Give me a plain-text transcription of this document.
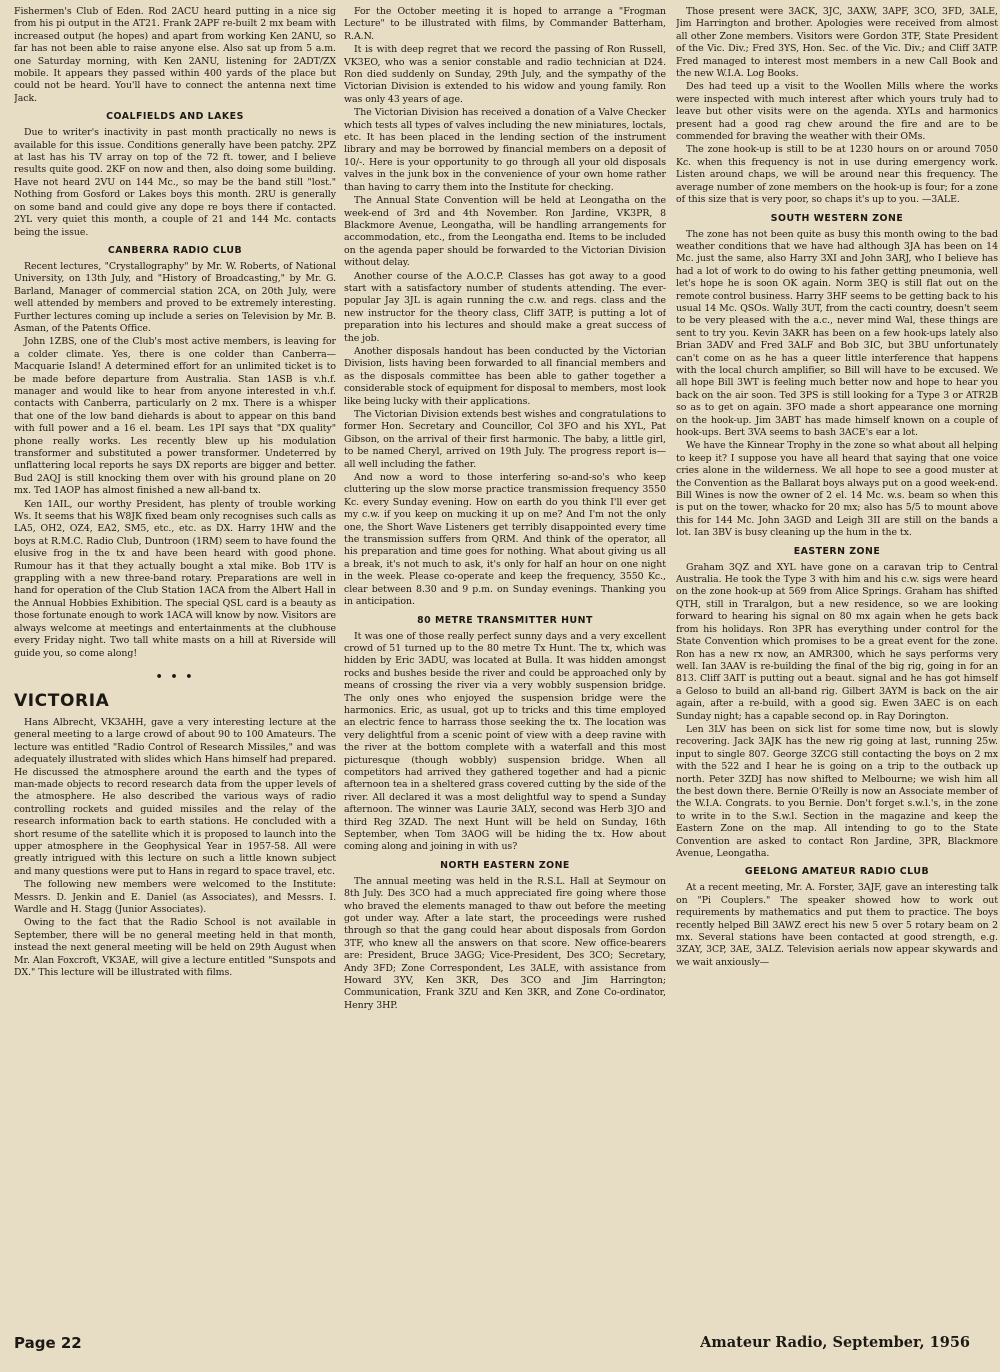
Fishermen's Club of Eden. Rod 2ACU heard putting in a nice sig from his pi output in the AT21. Frank 2APF re-built 2 mx beam with increased output (he hopes) and apart from working Ken 2ANU, so far has not been able to raise anyone else. Also sat up from 5 a.m. one Saturday morning, with Ken 2ANU, listening for 2ADT/ZX mobile. It appears they passed within 400 yards of the place but could not be heard. You'll have to connect the antenna next time Jack.

COALFIELDS AND LAKES

Due to writer's inactivity in past month practically no news is available for this issue. Conditions generally have been patchy. 2PZ at last has his TV array on top of the 72 ft. tower, and I believe results quite good. 2KF on now and then, also doing some building. Have not heard 2VU on 144 Mc., so may be the band still "lost." Nothing from Gosford or Lakes boys this month. 2RU is generally on some band and could give any dope re boys there if contacted. 2YL very quiet this month, a couple of 21 and 144 Mc. contacts being the issue.

CANBERRA RADIO CLUB

Recent lectures, "Crystallography" by Mr. W. Roberts, of National University, on 13th July, and "History of Broadcasting," by Mr. G. Barland, Manager of commercial station 2CA, on 20th July, were well attended by members and proved to be extremely interesting. Further lectures coming up include a series on Television by Mr. B. Asman, of the Patents Office.

John 1ZBS, one of the Club's most active members, is leaving for a colder climate. Yes, there is one colder than Canberra—Macquarie Island! A determined effort for an unlimited ticket is to be made before departure from Australia. Stan 1ASB is v.h.f. manager and would like to hear from anyone interested in v.h.f. contacts with Canberra, particularly on 2 mx. There is a whisper that one of the low band diehards is about to appear on this band with full power and a 16 el. beam. Les 1PI says that "DX quality" phone really works. Les recently blew up his modulation transformer and substituted a power transformer. Undeterred by unflattering local reports he says DX reports are bigger and better. Bud 2AQJ is still knocking them over with his ground plane on 20 mx. Ted 1AOP has almost finished a new all-band tx.

Ken 1AIL, our worthy President, has plenty of trouble working Ws. It seems that his W8JK fixed beam only recognises such calls as LA5, OH2, OZ4, EA2, SM5, etc., etc. as DX. Harry 1HW and the boys at R.M.C. Radio Club, Duntroon (1RM) seem to have found the elusive frog in the tx and have been heard with good phone. Rumour has it that they actually bought a xtal mike. Bob 1TV is grappling with a new three-band rotary. Preparations are well in hand for operation of the Club Station 1ACA from the Albert Hall in the Annual Hobbies Exhibition. The special QSL card is a beauty as those fortunate enough to work 1ACA will know by now. Visitors are always welcome at meetings and entertainments at the clubhouse every Friday night. Two tall white masts on a hill at Riverside will guide you, so come along!

• • •
VICTORIA

Hans Albrecht, VK3AHH, gave a very interesting lecture at the general meeting to a large crowd of about 90 to 100 Amateurs. The lecture was entitled "Radio Control of Research Missiles," and was adequately illustrated with slides which Hans himself had prepared. He discussed the atmosphere around the earth and the types of man-made objects to record research data from the upper levels of the atmosphere. He also described the various ways of radio controlling rockets and guided missiles and the relay of the research information back to earth stations. He concluded with a short resume of the satellite which it is proposed to launch into the upper atmosphere in the Geophysical Year in 1957-58. All were greatly intrigued with this lecture on such a little known subject and many questions were put to Hans in regard to space travel, etc.

The following new members were welcomed to the Institute: Messrs. D. Jenkin and E. Daniel (as Associates), and Messrs. I. Wardle and H. Stagg (Junior Associates).

Owing to the fact that the Radio School is not available in September, there will be no general meeting held in that month, instead the next general meeting will be held on 29th August when Mr. Alan Foxcroft, VK3AE, will give a lecture entitled "Sunspots and DX." This lecture will be illustrated with films.

For the October meeting it is hoped to arrange a "Frogman Lecture" to be illustrated with films, by Commander Batterham, R.A.N.

It is with deep regret that we record the passing of Ron Russell, VK3EO, who was a senior constable and radio technician at D24. Ron died suddenly on Sunday, 29th July, and the sympathy of the Victorian Division is extended to his widow and young family. Ron was only 43 years of age.

The Victorian Division has received a donation of a Valve Checker which tests all types of valves including the new miniatures, loctals, etc. It has been placed in the lending section of the instrument library and may be borrowed by financial members on a deposit of 10/-. Here is your opportunity to go through all your old disposals valves in the junk box in the convenience of your own home rather than having to carry them into the Institute for checking.

The Annual State Convention will be held at Leongatha on the week-end of 3rd and 4th November. Ron Jardine, VK3PR, 8 Blackmore Avenue, Leongatha, will be handling arrangements for accommodation, etc., from the Leongatha end. Items to be included on the agenda paper should be forwarded to the Victorian Division without delay.

Another course of the A.O.C.P. Classes has got away to a good start with a satisfactory number of students attending. The ever-popular Jay 3JL is again running the c.w. and regs. class and the new instructor for the theory class, Cliff 3ATP, is putting a lot of preparation into his lectures and should make a great success of the job.

Another disposals handout has been conducted by the Victorian Division, lists having been forwarded to all financial members and as the disposals committee has been able to gather together a considerable stock of equipment for disposal to members, most look like being lucky with their applications.

The Victorian Division extends best wishes and congratulations to former Hon. Secretary and Councillor, Col 3FO and his XYL, Pat Gibson, on the arrival of their first harmonic. The baby, a little girl, to be named Cheryl, arrived on 19th July. The progress report is—all well including the father.

And now a word to those interfering so-and-so's who keep cluttering up the slow morse practice transmission frequency 3550 Kc. every Sunday evening. How on earth do you think I'll ever get my c.w. if you keep on mucking it up on me? And I'm not the only one, the Short Wave Listeners get terribly disappointed every time the transmission suffers from QRM. And think of the operator, all his preparation and time goes for nothing. What about giving us all a break, it's not much to ask, it's only for half an hour on one night in the week. Please co-operate and keep the frequency, 3550 Kc., clear between 8.30 and 9 p.m. on Sunday evenings. Thanking you in anticipation.

80 METRE TRANSMITTER HUNT

It was one of those really perfect sunny days and a very excellent crowd of 51 turned up to the 80 metre Tx Hunt. The tx, which was hidden by Eric 3ADU, was located at Bulla. It was hidden amongst rocks and bushes beside the river and could be approached only by means of crossing the river via a very wobbly suspension bridge. The only ones who enjoyed the suspension bridge were the harmonics. Eric, as usual, got up to tricks and this time employed an electric fence to harrass those seeking the tx. The location was very delightful from a scenic point of view with a deep ravine with the river at the bottom complete with a waterfall and this most picturesque (though wobbly) suspension bridge. When all competitors had arrived they gathered together and had a picnic afternoon tea in a sheltered grass covered cutting by the side of the river. All declared it was a most delightful way to spend a Sunday afternoon. The winner was Laurie 3ALY, second was Herb 3JO and third Reg 3ZAD. The next Hunt will be held on Sunday, 16th September, when Tom 3AOG will be hiding the tx. How about coming along and joining in with us?

NORTH EASTERN ZONE

The annual meeting was held in the R.S.L. Hall at Seymour on 8th July. Des 3CO had a much appreciated fire going where those who braved the elements managed to thaw out before the meeting got under way. After a late start, the proceedings were rushed through so that the gang could hear about disposals from Gordon 3TF, who knew all the answers on that score. New office-bearers are: President, Bruce 3AGG; Vice-President, Des 3CO; Secretary, Andy 3FD; Zone Correspondent, Les 3ALE, with assistance from Howard 3YV, Ken 3KR, Des 3CO and Jim Harrington; Communication, Frank 3ZU and Ken 3KR, and Zone Co-ordinator, Henry 3HP.

Those present were 3ACK, 3JC, 3AXW, 3APF, 3CO, 3FD, 3ALE, Jim Harrington and brother. Apologies were received from almost all other Zone members. Visitors were Gordon 3TF, State President of the Vic. Div.; Fred 3YS, Hon. Sec. of the Vic. Div.; and Cliff 3ATP. Fred managed to interest most members in a new Call Book and the new W.I.A. Log Books.

Des had teed up a visit to the Woollen Mills where the works were inspected with much interest after which yours truly had to leave but other visits were on the agenda. XYLs and harmonics present had a good rag chew around the fire and are to be commended for braving the weather with their OMs.

The zone hook-up is still to be at 1230 hours on or around 7050 Kc. when this frequency is not in use during emergency work. Listen around chaps, we will be around near this frequency. The average number of zone members on the hook-up is four; for a zone of this size that is very poor, so chaps it's up to you. —3ALE.

SOUTH WESTERN ZONE

The zone has not been quite as busy this month owing to the bad weather conditions that we have had although 3JA has been on 14 Mc. just the same, also Harry 3XI and John 3ARJ, who I believe has had a lot of work to do owing to his father getting pneumonia, well let's hope he is soon OK again. Norm 3EQ is still flat out on the remote control business. Harry 3HF seems to be getting back to his usual 14 Mc. QSOs. Wally 3UT, from the cacti country, doesn't seem to be very pleased with the a.c., never mind Wal, these things are sent to try you. Kevin 3AKR has been on a few hook-ups lately also Brian 3ADV and Fred 3ALF and Bob 3IC, but 3BU unfortunately can't come on as he has a queer little interference that happens with the local church amplifier, so Bill will have to be excused. We all hope Bill 3WT is feeling much better now and hope to hear you back on the air soon. Ted 3PS is still looking for a Type 3 or ATR2B so as to get on again. 3FO made a short appearance one morning on the hook-up. Jim 3ABT has made himself known on a couple of hook-ups. Bert 3VA seems to bash 3ACE's ear a lot.

We have the Kinnear Trophy in the zone so what about all helping to keep it? I suppose you have all heard that saying that one voice cries alone in the wilderness. We all hope to see a good muster at the Convention as the Ballarat boys always put on a good week-end. Bill Wines is now the owner of 2 el. 14 Mc. w.s. beam so when this is put on the tower, whacko for 20 mx; also has 5/5 to mount above this for 144 Mc. John 3AGD and Leigh 3II are still on the bands a lot. Ian 3BV is busy cleaning up the hum in the tx.

EASTERN ZONE

Graham 3QZ and XYL have gone on a caravan trip to Central Australia. He took the Type 3 with him and his c.w. sigs were heard on the zone hook-up at 569 from Alice Springs. Graham has shifted QTH, still in Traralgon, but a new residence, so we are looking forward to hearing his signal on 80 mx again when he gets back from his holidays. Ron 3PR has everything under control for the State Convention which promises to be a great event for the zone. Ron has a new rx now, an AMR300, which he says performs very well. Ian 3AAV is re-building the final of the big rig, going in for an 813. Cliff 3AIT is putting out a beaut. signal and he has got himself a Geloso to build an all-band rig. Gilbert 3AYM is back on the air again, after a re-build, with a good sig. Ewen 3AEC is on each Sunday night; has a capable second op. in Ray Dorington.

Len 3LV has been on sick list for some time now, but is slowly recovering. Jack 3AJK has the new rig going at last, running 25w. input to single 807. George 3ZCG still contacting the boys on 2 mx with the 522 and I hear he is going on a trip to the outback up north. Peter 3ZDJ has now shifted to Melbourne; we wish him all the best down there. Bernie O'Reilly is now an Associate member of the W.I.A. Congrats. to you Bernie. Don't forget s.w.l.'s, in the zone to write in to the S.w.l. Section in the magazine and keep the Eastern Zone on the map. All intending to go to the State Convention are asked to contact Ron Jardine, 3PR, Blackmore Avenue, Leongatha.

GEELONG AMATEUR RADIO CLUB

At a recent meeting, Mr. A. Forster, 3AJF, gave an interesting talk on "Pi Couplers." The speaker showed how to work out requirements by mathematics and put them to practice. The boys recently helped Bill 3AWZ erect his new 5 over 5 rotary beam on 2 mx. Several stations have been contacted at good strength, e.g. 3ZAY, 3CP, 3AE, 3ALZ. Television aerials now appear skywards and we wait anxiously—

Page 22	Amateur Radio, September, 1956
